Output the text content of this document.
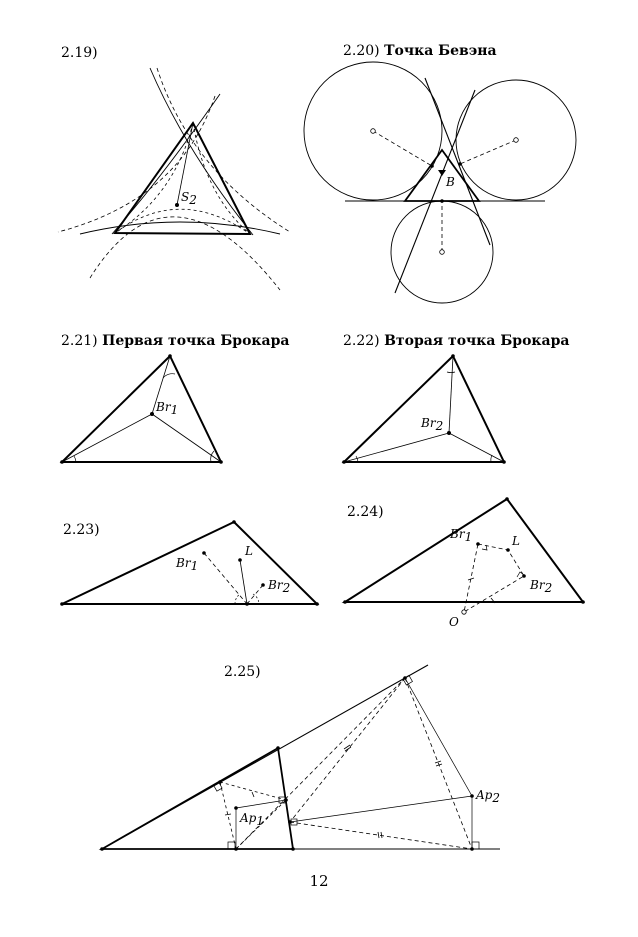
2.19)	2.20) Точка Бевэна
2.21) Первая точка Брокара	2.22) Вторая точка Брокара
2.23)
2.24)
2.25)
S2
B
Br1
Br2
Br1
L
Br2
Br1	L
Br2
O
Ap1
Ap2
12
